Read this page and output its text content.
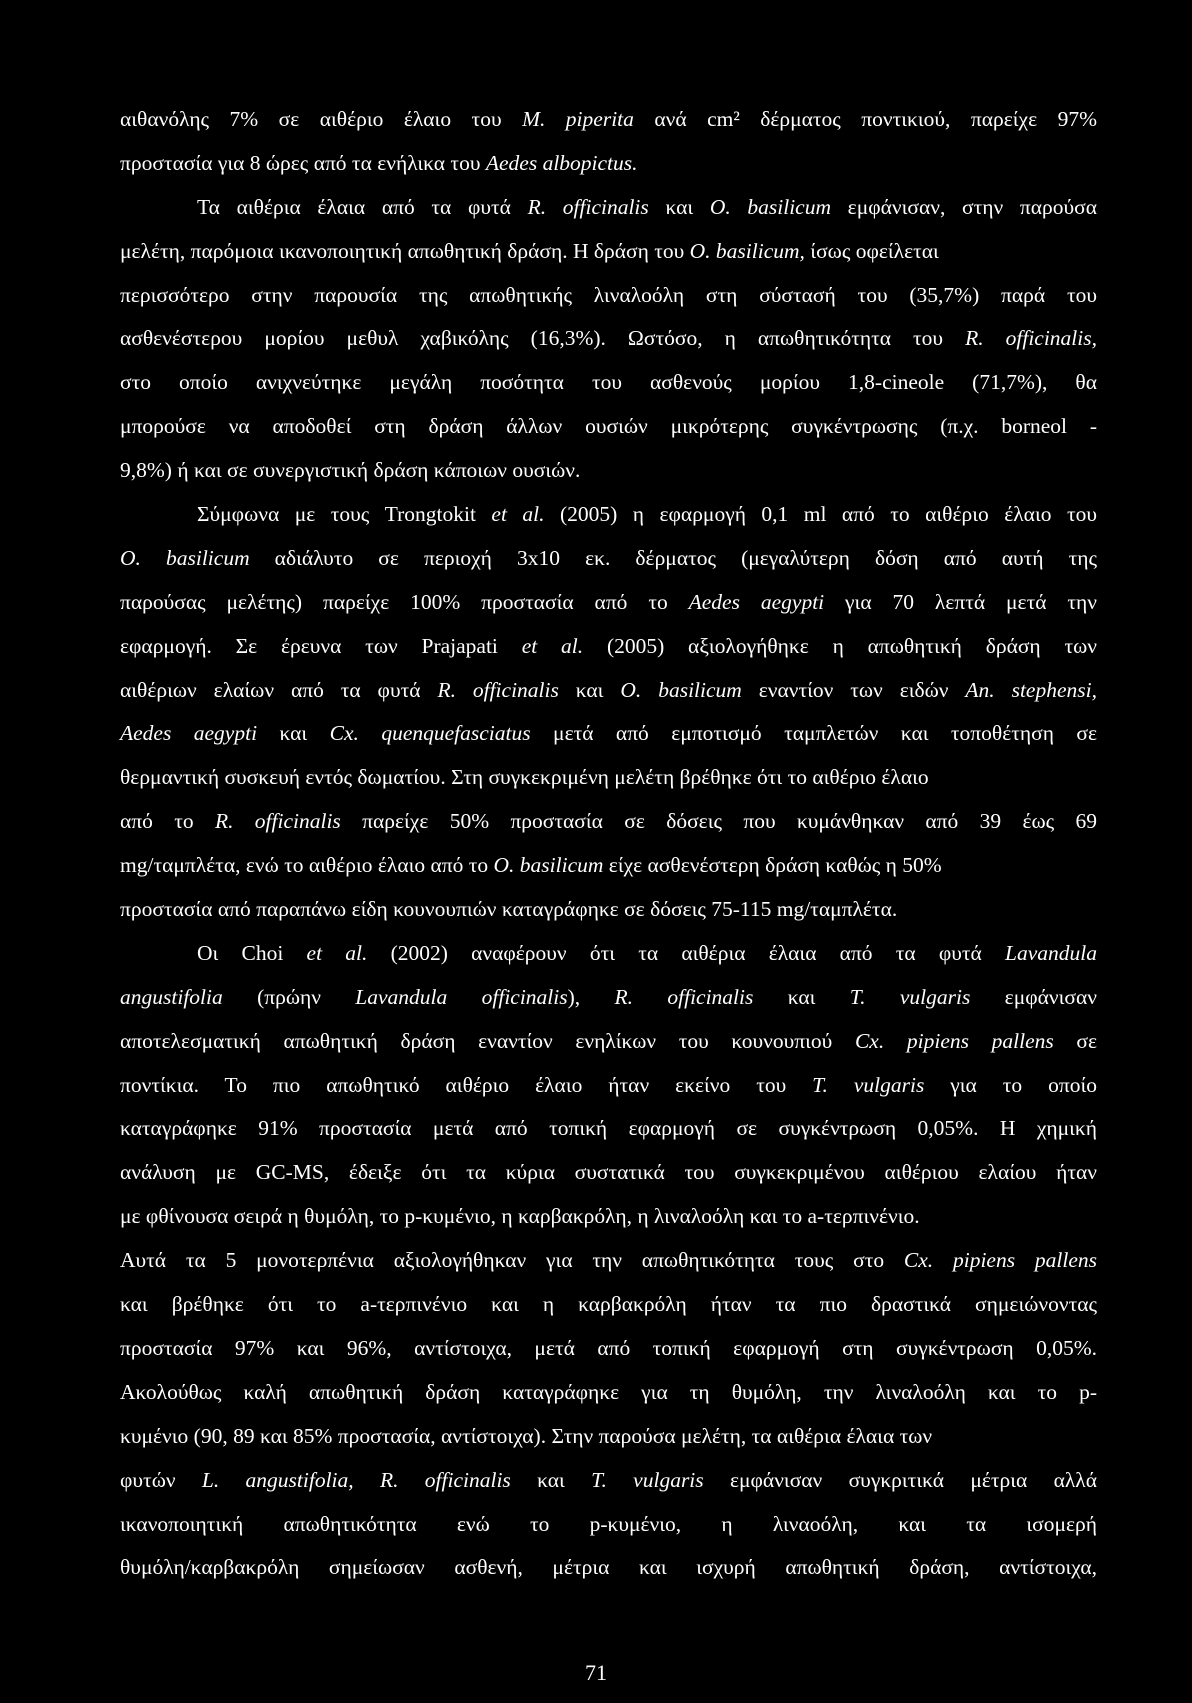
αιθανόλης 7% σε αιθέριο έλαιο του M. piperita ανά cm² δέρματος ποντικιού, παρείχε 97%
προστασία για 8 ώρες από τα ενήλικα του Aedes albopictus.
Τα αιθέρια έλαια από τα φυτά R. officinalis και O. basilicum εμφάνισαν, στην παρούσα
μελέτη, παρόμοια ικανοποιητική απωθητική δράση. Η δράση του O. basilicum, ίσως οφείλεται
περισσότερο στην παρουσία της απωθητικής λιναλοόλη στη σύστασή του (35,7%) παρά του
ασθενέστερου μορίου μεθυλ χαβικόλης (16,3%). Ωστόσο, η απωθητικότητα του R. officinalis,
στο οποίο ανιχνεύτηκε μεγάλη ποσότητα του ασθενούς μορίου 1,8-cineole (71,7%), θα
μπορούσε να αποδοθεί στη δράση άλλων ουσιών μικρότερης συγκέντρωσης (π.χ. borneol -
9,8%) ή και σε συνεργιστική δράση κάποιων ουσιών.
Σύμφωνα με τους Trongtokit et al. (2005) η εφαρμογή 0,1 ml από το αιθέριο έλαιο του
O. basilicum αδιάλυτο σε περιοχή 3x10 εκ. δέρματος (μεγαλύτερη δόση από αυτή της
παρούσας μελέτης) παρείχε 100% προστασία από το Aedes aegypti για 70 λεπτά μετά την
εφαρμογή. Σε έρευνα των Prajapati et al. (2005) αξιολογήθηκε η απωθητική δράση των
αιθέριων ελαίων από τα φυτά R. officinalis και O. basilicum εναντίον των ειδών An. stephensi,
Aedes aegypti και Cx. quenquefasciatus μετά από εμποτισμό ταμπλετών και τοποθέτηση σε
θερμαντική συσκευή εντός δωματίου. Στη συγκεκριμένη μελέτη βρέθηκε ότι το αιθέριο έλαιο
από το R. officinalis παρείχε 50% προστασία σε δόσεις που κυμάνθηκαν από 39 έως 69
mg/ταμπλέτα, ενώ το αιθέριο έλαιο από το O. basilicum είχε ασθενέστερη δράση καθώς η 50%
προστασία από παραπάνω είδη κουνουπιών καταγράφηκε σε δόσεις 75-115 mg/ταμπλέτα.
Οι Choi et al. (2002) αναφέρουν ότι τα αιθέρια έλαια από τα φυτά Lavandula
angustifolia (πρώην Lavandula officinalis), R. officinalis και T. vulgaris εμφάνισαν
αποτελεσματική απωθητική δράση εναντίον ενηλίκων του κουνουπιού Cx. pipiens pallens σε
ποντίκια. Το πιο απωθητικό αιθέριο έλαιο ήταν εκείνο του T. vulgaris για το οποίο
καταγράφηκε 91% προστασία μετά από τοπική εφαρμογή σε συγκέντρωση 0,05%. Η χημική
ανάλυση με GC-MS, έδειξε ότι τα κύρια συστατικά του συγκεκριμένου αιθέριου ελαίου ήταν
με φθίνουσα σειρά η θυμόλη, το p-κυμένιο, η καρβακρόλη, η λιναλοόλη και το a-τερπινένιο.
Αυτά τα 5 μονοτερπένια αξιολογήθηκαν για την απωθητικότητα τους στο Cx. pipiens pallens
και βρέθηκε ότι το a-τερπινένιο και η καρβακρόλη ήταν τα πιο δραστικά σημειώνοντας
προστασία 97% και 96%, αντίστοιχα, μετά από τοπική εφαρμογή στη συγκέντρωση 0,05%.
Ακολούθως καλή απωθητική δράση καταγράφηκε για τη θυμόλη, την λιναλοόλη και το p-
κυμένιο (90, 89 και 85% προστασία, αντίστοιχα). Στην παρούσα μελέτη, τα αιθέρια έλαια των
φυτών L. angustifolia, R. officinalis και T. vulgaris εμφάνισαν συγκριτικά μέτρια αλλά
ικανοποιητική απωθητικότητα ενώ το p-κυμένιο, η λιναοόλη, και τα ισομερή
θυμόλη/καρβακρόλη σημείωσαν ασθενή, μέτρια και ισχυρή απωθητική δράση, αντίστοιχα,
71
